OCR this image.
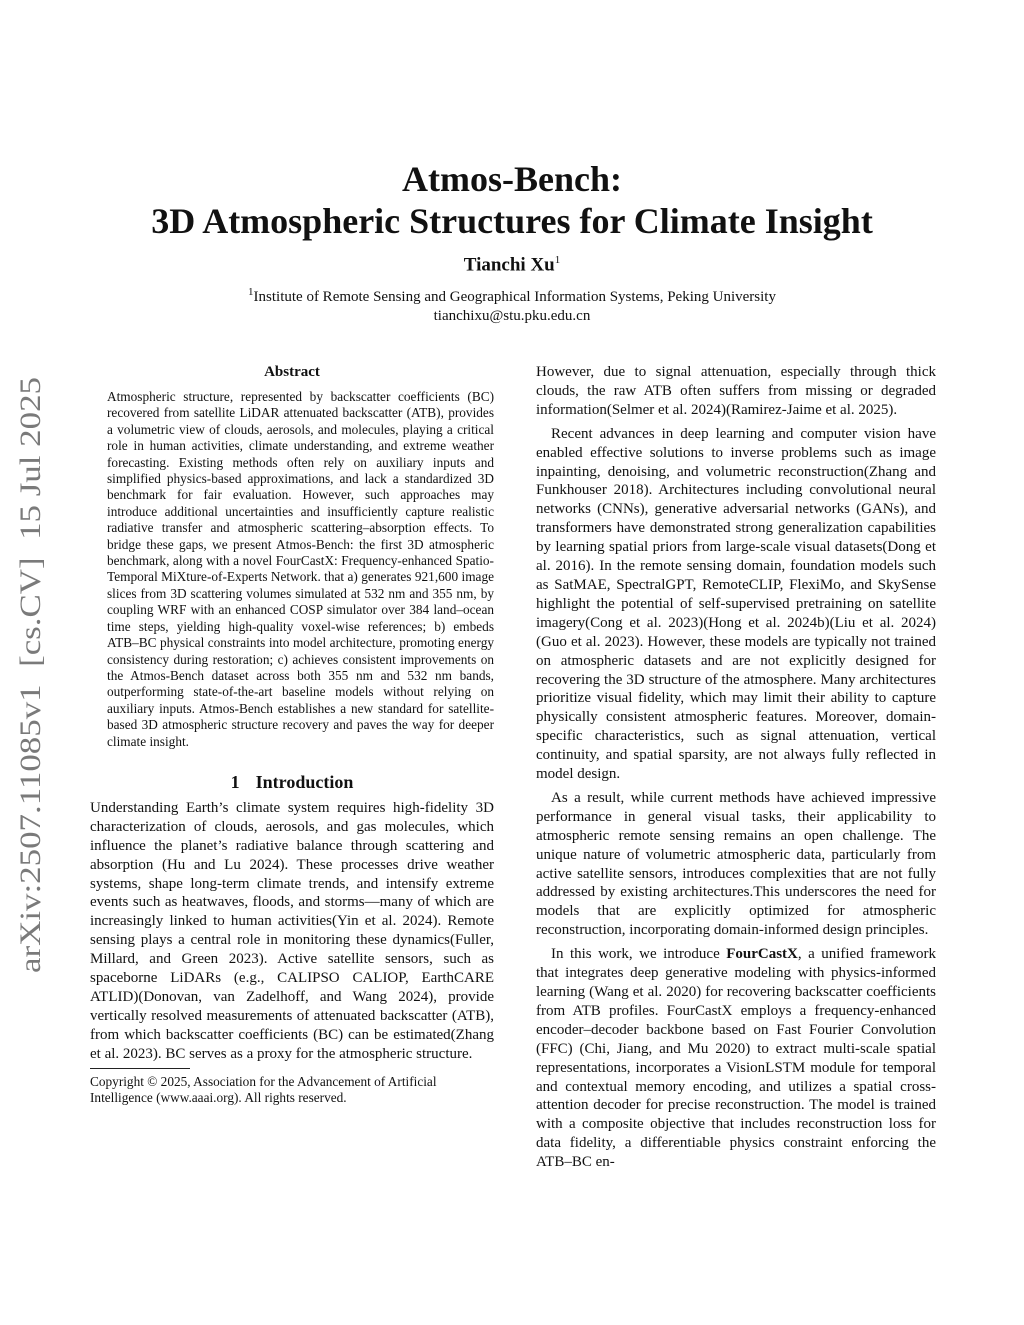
arXiv:2507.11085v1  [cs.CV]  15 Jul 2025
Atmos-Bench:
3D Atmospheric Structures for Climate Insight
Tianchi Xu$^1$
$^1$Institute of Remote Sensing and Geographical Information Systems, Peking University
tianchixu@stu.pku.edu.cn
Abstract

Atmospheric structure, represented by backscatter coefficients (BC) recovered from satellite LiDAR attenuated backscatter (ATB), provides a volumetric view of clouds, aerosols, and molecules, playing a critical role in human activities, climate understanding, and extreme weather forecasting. Existing methods often rely on auxiliary inputs and simplified physics-based approximations, and lack a standardized 3D benchmark for fair evaluation. However, such approaches may introduce additional uncertainties and insufficiently capture realistic radiative transfer and atmospheric scattering–absorption effects. To bridge these gaps, we present Atmos-Bench: the first 3D atmospheric benchmark, along with a novel FourCastX: Frequency-enhanced Spatio-Temporal MiXture-of-Experts Network. that a) generates 921,600 image slices from 3D scattering volumes simulated at 532 nm and 355 nm, by coupling WRF with an enhanced COSP simulator over 384 land–ocean time steps, yielding high-quality voxel-wise references; b) embeds ATB–BC physical constraints into model architecture, promoting energy consistency during restoration; c) achieves consistent improvements on the Atmos-Bench dataset across both 355 nm and 532 nm bands, outperforming state-of-the-art baseline models without relying on auxiliary inputs. Atmos-Bench establishes a new standard for satellite-based 3D atmospheric structure recovery and paves the way for deeper climate insight.

1 Introduction

Understanding Earth’s climate system requires high-fidelity 3D characterization of clouds, aerosols, and gas molecules, which influence the planet’s radiative balance through scattering and absorption (Hu and Lu 2024). These processes drive weather systems, shape long-term climate trends, and intensify extreme events such as heatwaves, floods, and storms—many of which are increasingly linked to human activities(Yin et al. 2024). Remote sensing plays a central role in monitoring these dynamics(Fuller, Millard, and Green 2023). Active satellite sensors, such as spaceborne LiDARs (e.g., CALIPSO CALIOP, EarthCARE ATLID)(Donovan, van Zadelhoff, and Wang 2024), provide vertically resolved measurements of attenuated backscatter (ATB), from which backscatter coefficients (BC) can be estimated(Zhang et al. 2023). BC serves as a proxy for the atmospheric structure.

Copyright © 2025, Association for the Advancement of Artificial Intelligence (www.aaai.org). All rights reserved.

However, due to signal attenuation, especially through thick clouds, the raw ATB often suffers from missing or degraded information(Selmer et al. 2024)(Ramirez-Jaime et al. 2025).

Recent advances in deep learning and computer vision have enabled effective solutions to inverse problems such as image inpainting, denoising, and volumetric reconstruction(Zhang and Funkhouser 2018). Architectures including convolutional neural networks (CNNs), generative adversarial networks (GANs), and transformers have demonstrated strong generalization capabilities by learning spatial priors from large-scale visual datasets(Dong et al. 2016). In the remote sensing domain, foundation models such as SatMAE, SpectralGPT, RemoteCLIP, FlexiMo, and SkySense highlight the potential of self-supervised pretraining on satellite imagery(Cong et al. 2023)(Hong et al. 2024b)(Liu et al. 2024)(Guo et al. 2023). However, these models are typically not trained on atmospheric datasets and are not explicitly designed for recovering the 3D structure of the atmosphere. Many architectures prioritize visual fidelity, which may limit their ability to capture physically consistent atmospheric features. Moreover, domain-specific characteristics, such as signal attenuation, vertical continuity, and spatial sparsity, are not always fully reflected in model design.

As a result, while current methods have achieved impressive performance in general visual tasks, their applicability to atmospheric remote sensing remains an open challenge. The unique nature of volumetric atmospheric data, particularly from active satellite sensors, introduces complexities that are not fully addressed by existing architectures.This underscores the need for models that are explicitly optimized for atmospheric reconstruction, incorporating domain-informed design principles.

In this work, we introduce FourCastX, a unified framework that integrates deep generative modeling with physics-informed learning (Wang et al. 2020) for recovering backscatter coefficients from ATB profiles. FourCastX employs a frequency-enhanced encoder–decoder backbone based on Fast Fourier Convolution (FFC) (Chi, Jiang, and Mu 2020) to extract multi-scale spatial representations, incorporates a VisionLSTM module for temporal and contextual memory encoding, and utilizes a spatial cross-attention decoder for precise reconstruction. The model is trained with a composite objective that includes reconstruction loss for data fidelity, a differentiable physics constraint enforcing the ATB–BC en-
